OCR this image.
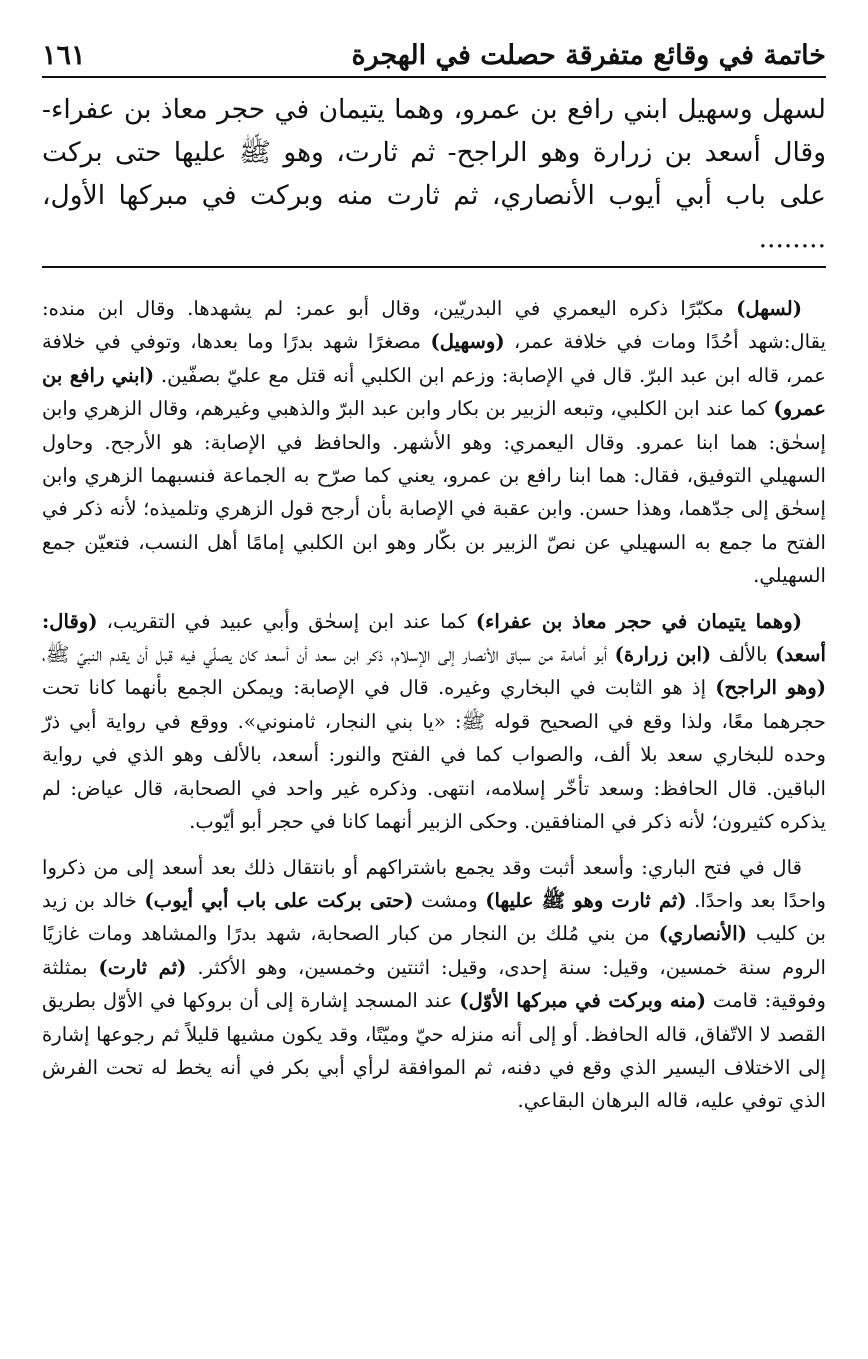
خاتمة في وقائع متفرقة حصلت في الهجرة
١٦١
لسهل وسهيل ابني رافع بن عمرو، وهما يتيمان في حجر معاذ بن عفراء- وقال أسعد بن زرارة وهو الراجح- ثم ثارت، وهو ﷺ عليها حتى بركت على باب أبي أيوب الأنصاري، ثم ثارت منه وبركت في مبركها الأول، ........

(لسهل) مكبّرًا ذكره اليعمري في البدريّين، وقال أبو عمر: لم يشهدها. وقال ابن منده: يقال:شهد أحُدًا ومات في خلافة عمر، (وسهيل) مصغرًا شهد بدرًا وما بعدها، وتوفي في خلافة عمر، قاله ابن عبد البرّ. قال في الإصابة: وزعم ابن الكلبي أنه قتل مع عليّ بصفّين. (ابني رافع بن عمرو) كما عند ابن الكلبي، وتبعه الزبير بن بكار وابن عبد البرّ والذهبي وغيرهم، وقال الزهري وابن إسحٰق: هما ابنا عمرو. وقال اليعمري: وهو الأشهر. والحافظ في الإصابة: هو الأرجح. وحاول السهيلي التوفيق، فقال: هما ابنا رافع بن عمرو، يعني كما صرّح به الجماعة فنسبهما الزهري وابن إسحٰق إلى جدّهما، وهذا حسن. وابن عقبة في الإصابة بأن أرجح قول الزهري وتلميذه؛ لأنه ذكر في الفتح ما جمع به السهيلي عن نصّ الزبير بن بكّار وهو ابن الكلبي إمامًا أهل النسب، فتعيّن جمع السهيلي.

(وهما يتيمان في حجر معاذ بن عفراء) كما عند ابن إسحٰق وأبي عبيد في التقريب، (وقال: أسعد) بالألف (ابن زرارة) أبو أمامة من سباق الأنصار إلى الإسلام، ذكر ابن سعد أن أسعد كان يصلّي فيه قبل أن يقدم النبيّ ﷺ، (وهو الراجح) إذ هو الثابت في البخاري وغيره. قال في الإصابة: ويمكن الجمع بأنهما كانا تحت حجرهما معًا، ولذا وقع في الصحيح قوله ﷺ: «يا بني النجار، ثامنوني». ووقع في رواية أبي ذرّ وحده للبخاري سعد بلا ألف، والصواب كما في الفتح والنور: أسعد، بالألف وهو الذي في رواية الباقين. قال الحافظ: وسعد تأخّر إسلامه، انتهى. وذكره غير واحد في الصحابة، قال عياض: لم يذكره كثيرون؛ لأنه ذكر في المنافقين. وحكى الزبير أنهما كانا في حجر أبو أيّوب.

قال في فتح الباري: وأسعد أثبت وقد يجمع باشتراكهم أو بانتقال ذلك بعد أسعد إلى من ذكروا واحدًا بعد واحدًا. (ثم ثارت وهو ﷺ عليها) ومشت (حتى بركت على باب أبي أيوب) خالد بن زيد بن كليب (الأنصاري) من بني مُلك بن النجار من كبار الصحابة، شهد بدرًا والمشاهد ومات غازيًا الروم سنة خمسين، وقيل: سنة إحدى، وقيل: اثنتين وخمسين، وهو الأكثر. (ثم ثارت) بمثلثة وفوقية: قامت (منه وبركت في مبركها الأوّل) عند المسجد إشارة إلى أن بروكها في الأوّل بطريق القصد لا الاتّفاق، قاله الحافظ. أو إلى أنه منزله حيّ وميّتًا، وقد يكون مشيها قليلاً ثم رجوعها إشارة إلى الاختلاف اليسير الذي وقع في دفنه، ثم الموافقة لرأي أبي بكر في أنه يخط له تحت الفرش الذي توفي عليه، قاله البرهان البقاعي.
